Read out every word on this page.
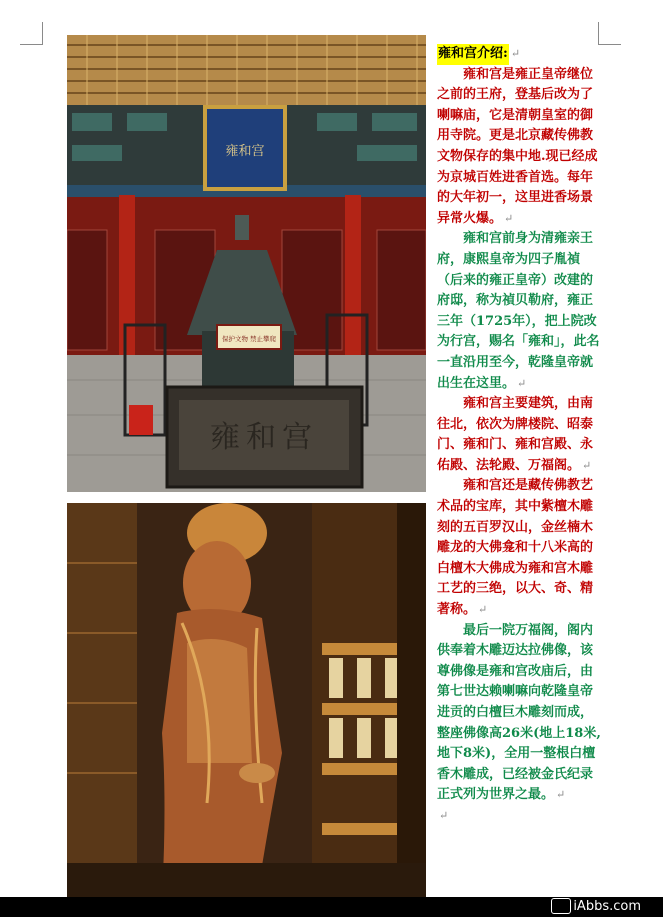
雍和宫
保护文物 禁止攀爬
雍和宫
雍和宫介绍: ↵

雍和宫是雍正皇帝继位之前的王府，登基后改为了喇嘛庙，它是清朝皇室的御用寺院。更是北京藏传佛教文物保存的集中地.现已经成为京城百姓进香首选。每年的大年初一，这里进香场景异常火爆。 ↵

雍和宫前身为清雍亲王府，康熙皇帝为四子胤禎（后来的雍正皇帝）改建的府邸，称为禎贝勒府，雍正三年（1725年），把上院改为行宫，赐名「雍和」，此名一直沿用至今，乾隆皇帝就出生在这里。 ↵

雍和宫主要建筑，由南往北，依次为牌楼院、昭泰门、雍和门、雍和宫殿、永佑殿、法轮殿、万福阁。 ↵

雍和宫还是藏传佛教艺术品的宝库，其中紫檀木雕刻的五百罗汉山，金丝楠木雕龙的大佛龛和十八米高的白檀木大佛成为雍和宫木雕工艺的三绝，以大、奇、精著称。 ↵

最后一院万福阁，阁内供奉着木雕迈达拉佛像，该尊佛像是雍和宫改庙后，由第七世达赖喇嘛向乾隆皇帝进贡的白檀巨木雕刻而成，整座佛像高26米(地上18米,地下8米)，全用一整根白檀香木雕成，已经被金氏纪录正式列为世界之最。 ↵

↵
iAbbs.com
